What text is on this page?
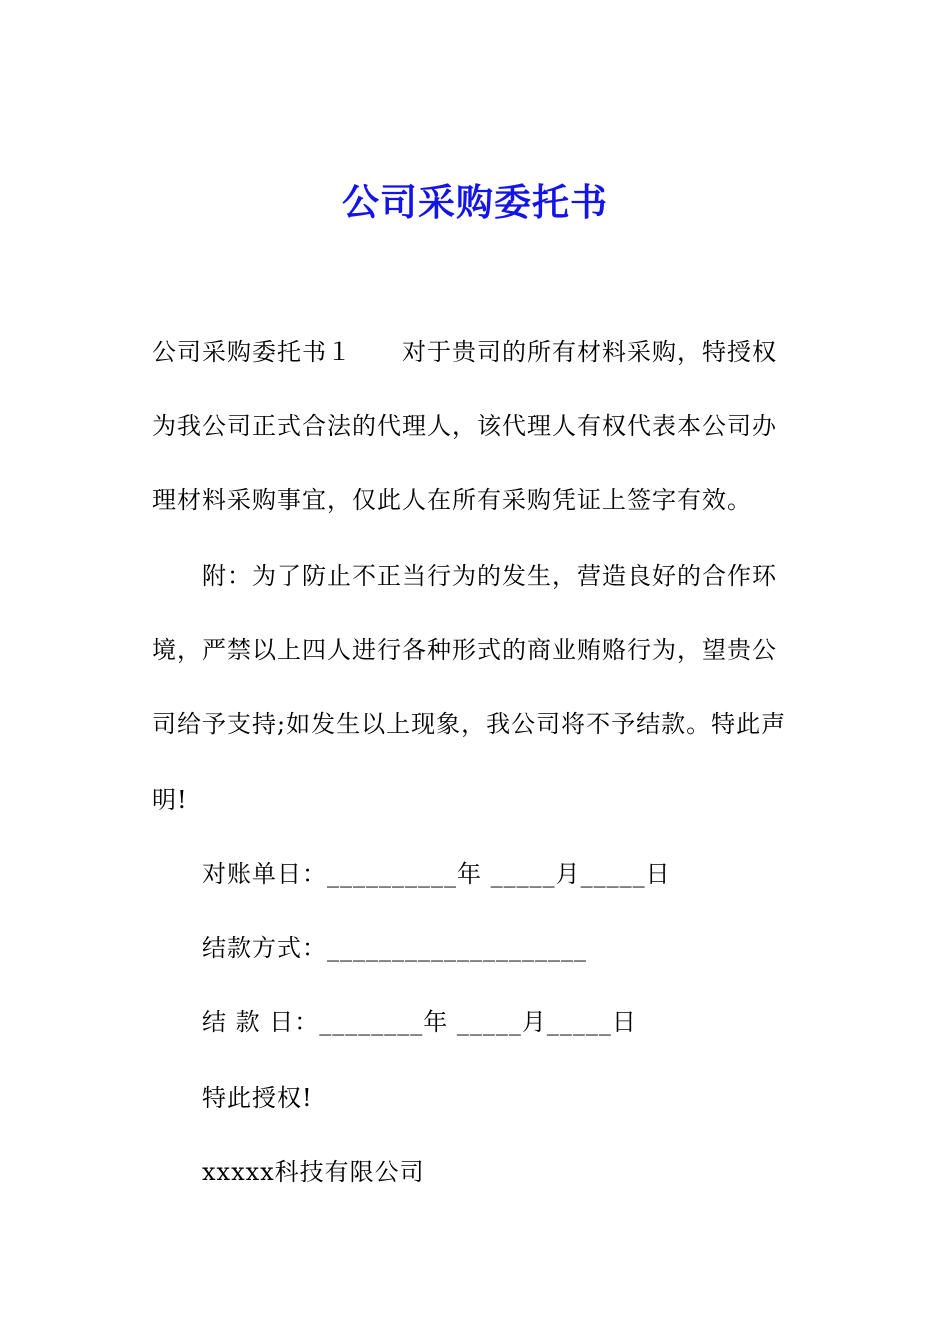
公司采购委托书
公司采购委托书１　　对于贵司的所有材料采购，特授权
为我公司正式合法的代理人，该代理人有权代表本公司办
理材料采购事宜，仅此人在所有采购凭证上签字有效。
附：为了防止不正当行为的发生，营造良好的合作环
境，严禁以上四人进行各种形式的商业贿赂行为，望贵公
司给予支持;如发生以上现象，我公司将不予结款。特此声
明!
对账单日：__________年 _____月_____日
结款方式：____________________
结 款 日：________年 _____月_____日
特此授权!
xxxxx科技有限公司
